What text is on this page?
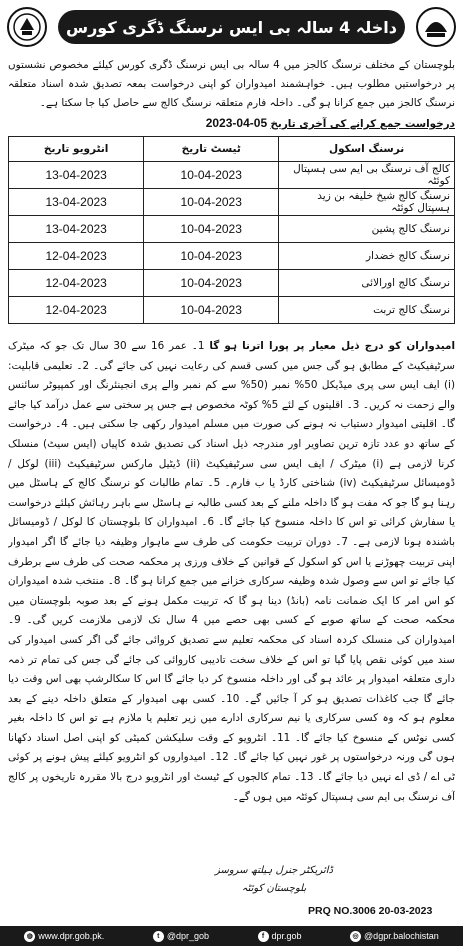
داخلہ 4 سالہ بی ایس نرسنگ ڈگری کورس
بلوچستان کے مختلف نرسنگ کالجز میں 4 سالہ بی ایس نرسنگ ڈگری کورس کیلئے مخصوص نشستوں پر درخواستیں مطلوب ہیں۔ خواہشمند امیدواران کو اپنی درخواست بمعہ تصدیق شدہ اسناد متعلقہ نرسنگ کالجز میں جمع کرانا ہو گی۔ داخلہ فارم متعلقہ نرسنگ کالج سے حاصل کیا جا سکتا ہے۔
درخواست جمع کرانے کی آخری تاریخ 05-04-2023
نرسنگ اسکول	ٹیسٹ تاریخ	انٹرویو تاریخ
کالج آف نرسنگ بی ایم سی ہسپتال کوئٹہ	10-04-2023	13-04-2023
نرسنگ کالج شیخ خلیفہ بن زید ہسپتال کوئٹہ	10-04-2023	13-04-2023
نرسنگ کالج پشین	10-04-2023	13-04-2023
نرسنگ کالج خضدار	10-04-2023	12-04-2023
نرسنگ کالج اورالائی	10-04-2023	12-04-2023
نرسنگ کالج تربت	10-04-2023	12-04-2023
امیدواران کو درج ذیل معیار پر پورا اترنا ہو گا 1۔ عمر 16 سے 30 سال تک جو کہ میٹرک سرٹیفیکیٹ کے مطابق ہو گی جس میں کسی قسم کی رعایت نہیں کی جائے گی۔ 2۔ تعلیمی قابلیت: (i) ایف ایس سی پری میڈیکل 50% نمبر (50% سے کم نمبر والے پری انجینئرنگ اور کمپیوٹر سائنس والے زحمت نہ کریں۔ 3۔ اقلیتوں کے لئے 5% کوٹہ مخصوص ہے جس پر سختی سے عمل درآمد کیا جائے گا۔ اقلیتی امیدوار دستیاب نہ ہونے کی صورت میں مسلم امیدوار رکھی جا سکتی ہیں۔ 4۔ درخواست کے ساتھ دو عدد تازہ ترین تصاویر اور مندرجہ ذیل اسناد کی تصدیق شدہ کاپیاں (ایس سیٹ) منسلک کرنا لازمی ہے (i) میٹرک / ایف ایس سی سرٹیفیکیٹ (ii) ڈیٹیل مارکس سرٹیفیکیٹ (iii) لوکل / ڈومیسائل سرٹیفیکیٹ (iv) شناختی کارڈ یا ب فارم۔ 5۔ تمام طالبات کو نرسنگ کالج کے ہاسٹل میں رہنا ہو گا جو کہ مفت ہو گا داخلہ ملنے کے بعد کسی طالبہ نے ہاسٹل سے باہر رہائش کیلئے درخواست یا سفارش کرائی تو اس کا داخلہ منسوخ کیا جائے گا۔ 6۔ امیدواران کا بلوچستان کا لوکل / ڈومیسائل باشندہ ہونا لازمی ہے۔ 7۔ دوران تربیت حکومت کی طرف سے ماہوار وظیفہ دیا جائے گا اگر امیدوار اپنی تربیت چھوڑنے یا اس کو اسکول کے قوانین کے خلاف ورزی پر محکمہ صحت کی طرف سے برطرف کیا جائے تو اس سے وصول شدہ وظیفہ سرکاری خزانے میں جمع کرانا ہو گا۔ 8۔ منتخب شدہ امیدواران کو اس امر کا ایک ضمانت نامہ (بانڈ) دینا ہو گا کہ تربیت مکمل ہونے کے بعد صوبہ بلوچستان میں محکمہ صحت کے ساتھ صوبے کے کسی بھی حصے میں 4 سال تک لازمی ملازمت کریں گی۔ 9۔ امیدواران کی منسلک کردہ اسناد کی محکمہ تعلیم سے تصدیق کروائی جائے گی اگر کسی امیدوار کی سند میں کوئی نقص پایا گیا تو اس کے خلاف سخت تادیبی کاروائی کی جائے گی جس کی تمام تر ذمہ داری متعلقہ امیدوار پر عائد ہو گی اور داخلہ منسوخ کر دیا جائے گا اس کا سکالرشپ بھی اس وقت دیا جائے گا جب کاغذات تصدیق ہو کر آ جائیں گے۔ 10۔ کسی بھی امیدوار کے متعلق داخلہ دینے کے بعد معلوم ہو کہ وہ کسی سرکاری یا نیم سرکاری ادارے میں زیر تعلیم یا ملازم ہے تو اس کا داخلہ بغیر کسی نوٹس کے منسوخ کیا جائے گا۔ 11۔ انٹرویو کے وقت سلیکشن کمیٹی کو اپنی اصل اسناد دکھانا ہوں گی ورنہ درخواستوں پر غور نہیں کیا جائے گا۔ 12۔ امیدواروں کو انٹرویو کیلئے پیش ہونے پر کوئی ٹی اے / ڈی اے نہیں دیا جائے گا۔ 13۔ تمام کالجوں کے ٹیسٹ اور انٹرویو درج بالا مقررہ تاریخوں پر کالج آف نرسنگ بی ایم سی ہسپتال کوئٹہ میں ہوں گے۔
ڈائریکٹر جنرل ہیلتھ سروسز
بلوچستان کوئٹہ
PRQ NO.3006 20-03-2023
◍ www.dpr.gob.pk.	t @dpr_gob	f dpr.gob	◎ @dgpr.balochistan
